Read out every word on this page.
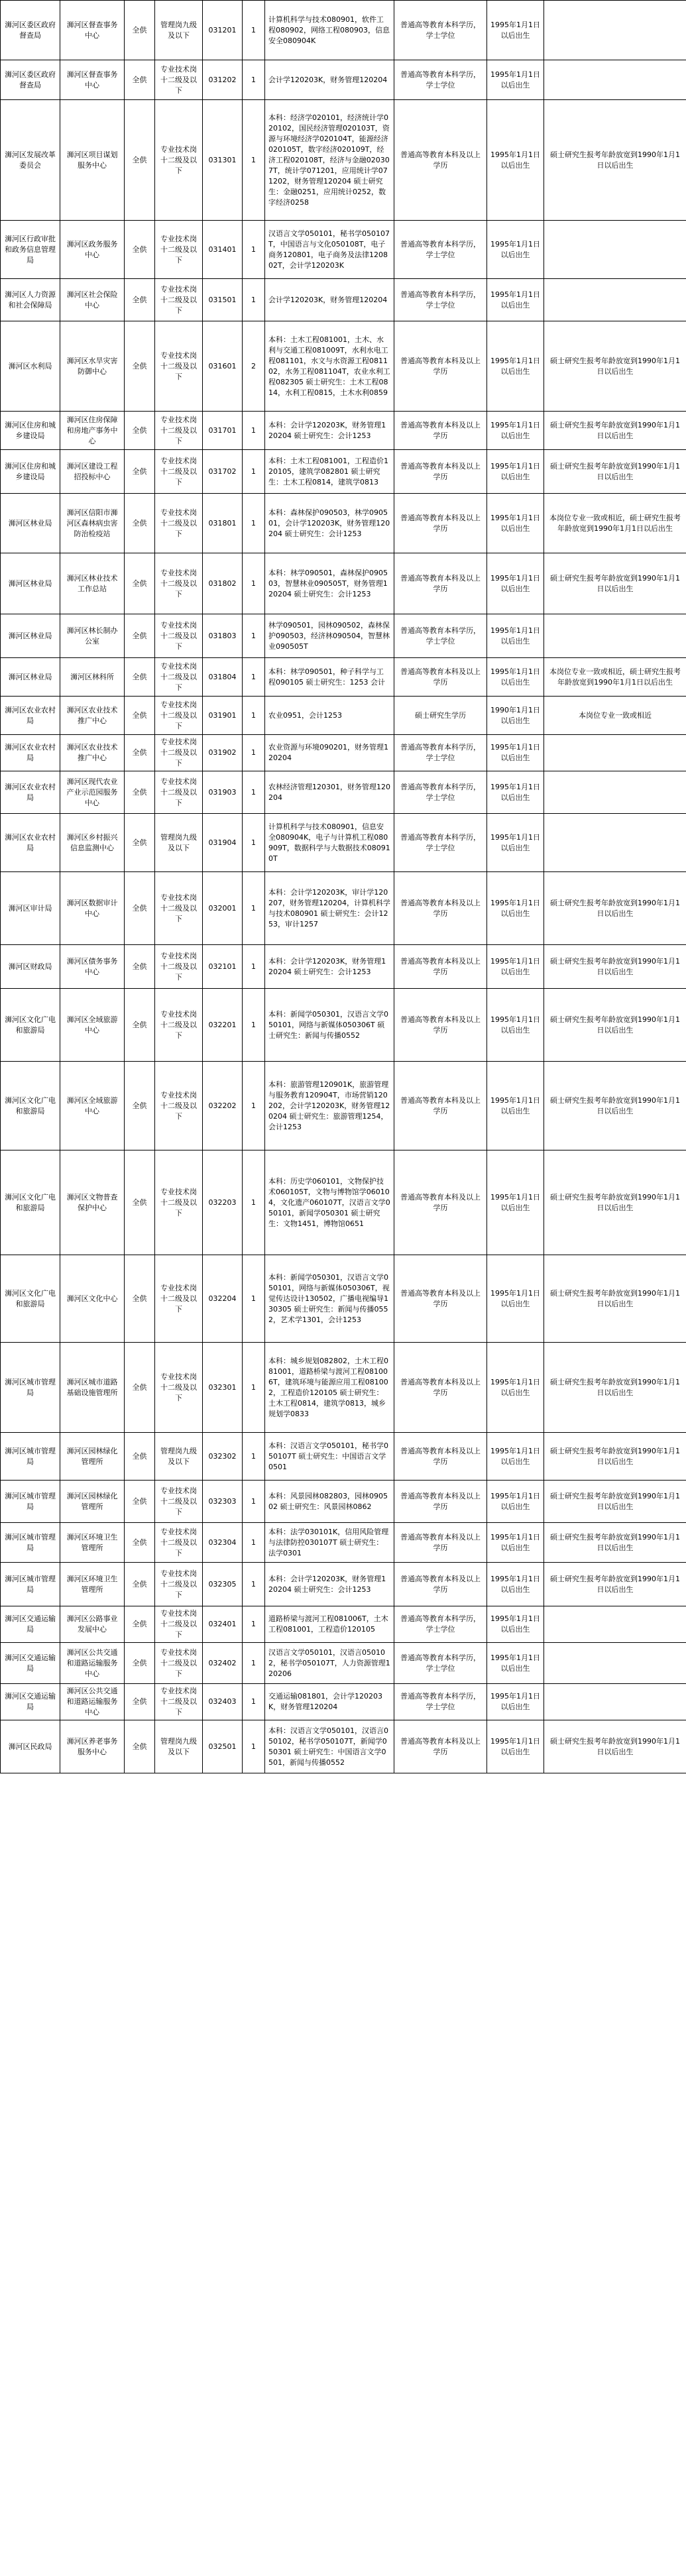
浉河区委区政府督查局	浉河区督查事务中心	全供	管理岗九级及以下	031201	1	计算机科学与技术080901，软件工程080902，网络工程080903，信息安全080904K	普通高等教育本科学历，学士学位	1995年1月1日以后出生	
浉河区委区政府督查局	浉河区督查事务中心	全供	专业技术岗十二级及以下	031202	1	会计学120203K，财务管理120204	普通高等教育本科学历，学士学位	1995年1月1日以后出生	
浉河区发展改革委员会	浉河区项目谋划服务中心	全供	专业技术岗十二级及以下	031301	1	本科：经济学020101，经济统计学020102，国民经济管理020103T，资源与环境经济学020104T，能源经济020105T，数字经济020109T，经济工程020108T，经济与金融020307T，统计学071201，应用统计学071202，财务管理120204 硕士研究生：金融0251，应用统计0252，数字经济0258	普通高等教育本科及以上学历	1995年1月1日以后出生	硕士研究生报考年龄放宽到1990年1月1日以后出生
浉河区行政审批和政务信息管理局	浉河区政务服务中心	全供	专业技术岗十二级及以下	031401	1	汉语言文学050101，秘书学050107T，中国语言与文化050108T，电子商务120801，电子商务及法律120802T，会计学120203K	普通高等教育本科学历，学士学位	1995年1月1日以后出生	
浉河区人力资源和社会保障局	浉河区社会保险中心	全供	专业技术岗十二级及以下	031501	1	会计学120203K，财务管理120204	普通高等教育本科学历，学士学位	1995年1月1日以后出生	
浉河区水利局	浉河区水旱灾害防御中心	全供	专业技术岗十二级及以下	031601	2	本科：土木工程081001，土木、水利与交通工程081009T，水利水电工程081101，水文与水资源工程081102，水务工程081104T，农业水利工程082305 硕士研究生：土木工程0814，水利工程0815，土木水利0859	普通高等教育本科及以上学历	1995年1月1日以后出生	硕士研究生报考年龄放宽到1990年1月1日以后出生
浉河区住房和城乡建设局	浉河区住房保障和房地产事务中心	全供	专业技术岗十二级及以下	031701	1	本科：会计学120203K，财务管理120204 硕士研究生：会计1253	普通高等教育本科及以上学历	1995年1月1日以后出生	硕士研究生报考年龄放宽到1990年1月1日以后出生
浉河区住房和城乡建设局	浉河区建设工程招投标中心	全供	专业技术岗十二级及以下	031702	1	本科：土木工程081001，工程造价120105，建筑学082801 硕士研究生：土木工程0814，建筑学0813	普通高等教育本科及以上学历	1995年1月1日以后出生	硕士研究生报考年龄放宽到1990年1月1日以后出生
浉河区林业局	浉河区信阳市浉河区森林病虫害防治检疫站	全供	专业技术岗十二级及以下	031801	1	本科：森林保护090503，林学090501，会计学120203K，财务管理120204 硕士研究生：会计1253	普通高等教育本科及以上学历	1995年1月1日以后出生	本岗位专业一致或相近，硕士研究生报考年龄放宽到1990年1月1日以后出生
浉河区林业局	浉河区林业技术工作总站	全供	专业技术岗十二级及以下	031802	1	本科：林学090501，森林保护090503，智慧林业090505T，财务管理120204 硕士研究生：会计1253	普通高等教育本科及以上学历	1995年1月1日以后出生	硕士研究生报考年龄放宽到1990年1月1日以后出生
浉河区林业局	浉河区林长制办公室	全供	专业技术岗十二级及以下	031803	1	林学090501，园林090502，森林保护090503，经济林090504，智慧林业090505T	普通高等教育本科学历，学士学位	1995年1月1日以后出生	
浉河区林业局	浉河区林科所	全供	专业技术岗十二级及以下	031804	1	本科：林学090501，种子科学与工程090105 硕士研究生：1253 会计	普通高等教育本科及以上学历	1995年1月1日以后出生	本岗位专业一致或相近，硕士研究生报考年龄放宽到1990年1月1日以后出生
浉河区农业农村局	浉河区农业技术推广中心	全供	专业技术岗十二级及以下	031901	1	农业0951，会计1253	硕士研究生学历	1990年1月1日以后出生	本岗位专业一致或相近
浉河区农业农村局	浉河区农业技术推广中心	全供	专业技术岗十二级及以下	031902	1	农业资源与环境090201，财务管理120204	普通高等教育本科学历，学士学位	1995年1月1日以后出生	
浉河区农业农村局	浉河区现代农业产业示范园服务中心	全供	专业技术岗十二级及以下	031903	1	农林经济管理120301，财务管理120204	普通高等教育本科学历，学士学位	1995年1月1日以后出生	
浉河区农业农村局	浉河区乡村振兴信息监测中心	全供	管理岗九级及以下	031904	1	计算机科学与技术080901，信息安全080904K，电子与计算机工程080909T，数据科学与大数据技术080910T	普通高等教育本科学历，学士学位	1995年1月1日以后出生	
浉河区审计局	浉河区数据审计中心	全供	专业技术岗十二级及以下	032001	1	本科：会计学120203K，审计学120207，财务管理120204，计算机科学与技术080901 硕士研究生：会计1253，审计1257	普通高等教育本科及以上学历	1995年1月1日以后出生	硕士研究生报考年龄放宽到1990年1月1日以后出生
浉河区财政局	浉河区债务事务中心	全供	专业技术岗十二级及以下	032101	1	本科：会计学120203K，财务管理120204 硕士研究生：会计1253	普通高等教育本科及以上学历	1995年1月1日以后出生	硕士研究生报考年龄放宽到1990年1月1日以后出生
浉河区文化广电和旅游局	浉河区全域旅游中心	全供	专业技术岗十二级及以下	032201	1	本科：新闻学050301，汉语言文学050101，网络与新媒体050306T 硕士研究生：新闻与传播0552	普通高等教育本科及以上学历	1995年1月1日以后出生	硕士研究生报考年龄放宽到1990年1月1日以后出生
浉河区文化广电和旅游局	浉河区全域旅游中心	全供	专业技术岗十二级及以下	032202	1	本科：旅游管理120901K，旅游管理与服务教育120904T，市场营销120202，会计学120203K，财务管理120204 硕士研究生：旅游管理1254，会计1253	普通高等教育本科及以上学历	1995年1月1日以后出生	硕士研究生报考年龄放宽到1990年1月1日以后出生
浉河区文化广电和旅游局	浉河区文物普查保护中心	全供	专业技术岗十二级及以下	032203	1	本科：历史学060101，文物保护技术060105T，文物与博物馆学060104，文化遗产060107T，汉语言文学050101，新闻学050301 硕士研究生：文物1451，博物馆0651	普通高等教育本科及以上学历	1995年1月1日以后出生	硕士研究生报考年龄放宽到1990年1月1日以后出生
浉河区文化广电和旅游局	浉河区文化中心	全供	专业技术岗十二级及以下	032204	1	本科：新闻学050301，汉语言文学050101，网络与新媒体050306T，视觉传达设计130502，广播电视编导130305 硕士研究生：新闻与传播0552，艺术学1301，会计1253	普通高等教育本科及以上学历	1995年1月1日以后出生	硕士研究生报考年龄放宽到1990年1月1日以后出生
浉河区城市管理局	浉河区城市道路基础设施管理所	全供	专业技术岗十二级及以下	032301	1	本科：城乡规划082802，土木工程081001，道路桥梁与渡河工程081006T，建筑环境与能源应用工程081002，工程造价120105 硕士研究生：土木工程0814，建筑学0813，城乡规划学0833	普通高等教育本科及以上学历	1995年1月1日以后出生	硕士研究生报考年龄放宽到1990年1月1日以后出生
浉河区城市管理局	浉河区园林绿化管理所	全供	管理岗九级及以下	032302	1	本科：汉语言文学050101，秘书学050107T 硕士研究生：中国语言文学0501	普通高等教育本科及以上学历	1995年1月1日以后出生	硕士研究生报考年龄放宽到1990年1月1日以后出生
浉河区城市管理局	浉河区园林绿化管理所	全供	专业技术岗十二级及以下	032303	1	本科：风景园林082803，园林090502 硕士研究生：风景园林0862	普通高等教育本科及以上学历	1995年1月1日以后出生	硕士研究生报考年龄放宽到1990年1月1日以后出生
浉河区城市管理局	浉河区环境卫生管理所	全供	专业技术岗十二级及以下	032304	1	本科：法学030101K，信用风险管理与法律防控030107T 硕士研究生：法学0301	普通高等教育本科及以上学历	1995年1月1日以后出生	硕士研究生报考年龄放宽到1990年1月1日以后出生
浉河区城市管理局	浉河区环境卫生管理所	全供	专业技术岗十二级及以下	032305	1	本科：会计学120203K，财务管理120204 硕士研究生：会计1253	普通高等教育本科及以上学历	1995年1月1日以后出生	硕士研究生报考年龄放宽到1990年1月1日以后出生
浉河区交通运输局	浉河区公路事业发展中心	全供	专业技术岗十二级及以下	032401	1	道路桥梁与渡河工程081006T，土木工程081001，工程造价120105	普通高等教育本科学历，学士学位	1995年1月1日以后出生	
浉河区交通运输局	浉河区公共交通和道路运输服务中心	全供	专业技术岗十二级及以下	032402	1	汉语言文学050101，汉语言050102，秘书学050107T，人力资源管理120206	普通高等教育本科学历，学士学位	1995年1月1日以后出生	
浉河区交通运输局	浉河区公共交通和道路运输服务中心	全供	专业技术岗十二级及以下	032403	1	交通运输081801，会计学120203K，财务管理120204	普通高等教育本科学历，学士学位	1995年1月1日以后出生	
浉河区民政局	浉河区养老事务服务中心	全供	管理岗九级及以下	032501	1	本科：汉语言文学050101，汉语言050102，秘书学050107T，新闻学050301 硕士研究生：中国语言文学0501，新闻与传播0552	普通高等教育本科及以上学历	1995年1月1日以后出生	硕士研究生报考年龄放宽到1990年1月1日以后出生
